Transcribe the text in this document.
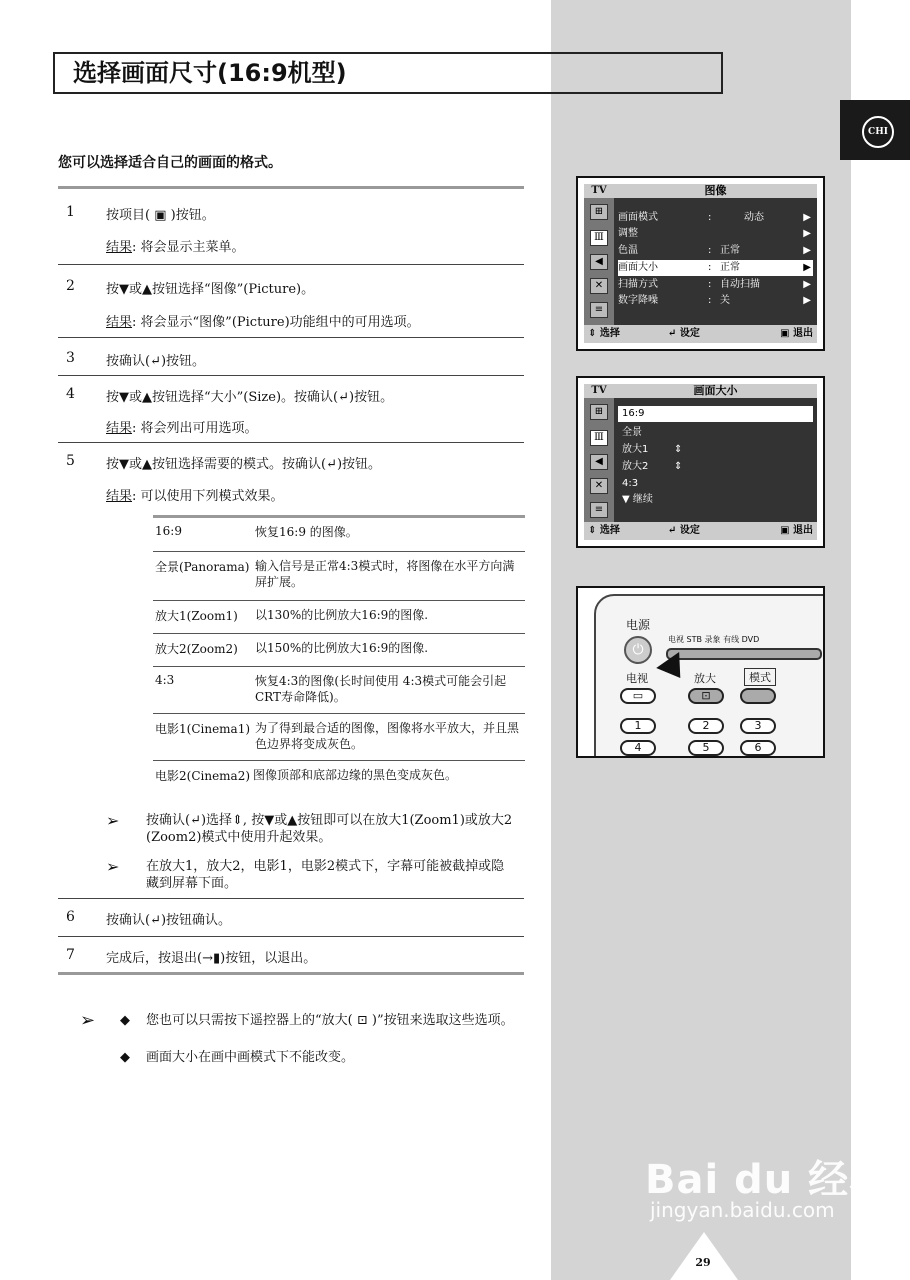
选择画面尺寸(16:9机型)
CHI
您可以选择适合自己的画面的格式。
1 按项目( ▣ )按钮。
结果: 将会显示主菜单。
2 按▼或▲按钮选择“图像”(Picture)。
结果: 将会显示“图像”(Picture)功能组中的可用选项。
3 按确认(↵)按钮。
4 按▼或▲按钮选择“大小”(Size)。按确认(↵)按钮。
结果: 将会列出可用选项。
5 按▼或▲按钮选择需要的模式。按确认(↵)按钮。
结果: 可以使用下列模式效果。
16:9	恢复16:9 的图像。
全景(Panorama) 输入信号是正常4:3模式时，将图像在水平方向满屏扩展。
放大1(Zoom1) 以130%的比例放大16:9的图像.
放大2(Zoom2) 以150%的比例放大16:9的图像.
4:3	恢复4:3的图像(长时间使用 4:3模式可能会引起CRT寿命降低)。
电影1(Cinema1) 为了得到最合适的图像，图像将水平放大，并且黑色边界将变成灰色。
电影2(Cinema2) 图像顶部和底部边缘的黑色变成灰色。
➢ 按确认(↵)选择⇕, 按▼或▲按钮即可以在放大1(Zoom1)或放大2 (Zoom2)模式中使用升起效果。
➢ 在放大1，放大2，电影1，电影2模式下，字幕可能被截掉或隐藏到屏幕下面。
6 按确认(↵)按钮确认。
7 完成后，按退出(→▮)按钮，以退出。
➢ ◆ 您也可以只需按下遥控器上的“放大( ⊡ )”按钮来选取这些选项。
◆ 画面大小在画中画模式下不能改变。
TV
⊞
Ⅲ
◀
✕
≡
图像
画面模式	:	动态	▶
调整	▶
色温	: 正常	▶
画面大小	: 正常	▶
扫描方式	: 自动扫描	▶
数字降噪	: 关	▶
⇕ 选择	↵ 设定	▣ 退出
TV
⊞
Ⅲ
◀
✕
≡
画面大小
16:9
全景
放大1	⇕
放大2	⇕
4:3
▼ 继续
⇕ 选择	↵ 设定	▣ 退出
电源
⏻
电视 STB 录象 有线 DVD
电视	放大	模式
▭	⊡
1	2	3
4	5	6
Bai du 经验
jingyan.baidu.com
29
